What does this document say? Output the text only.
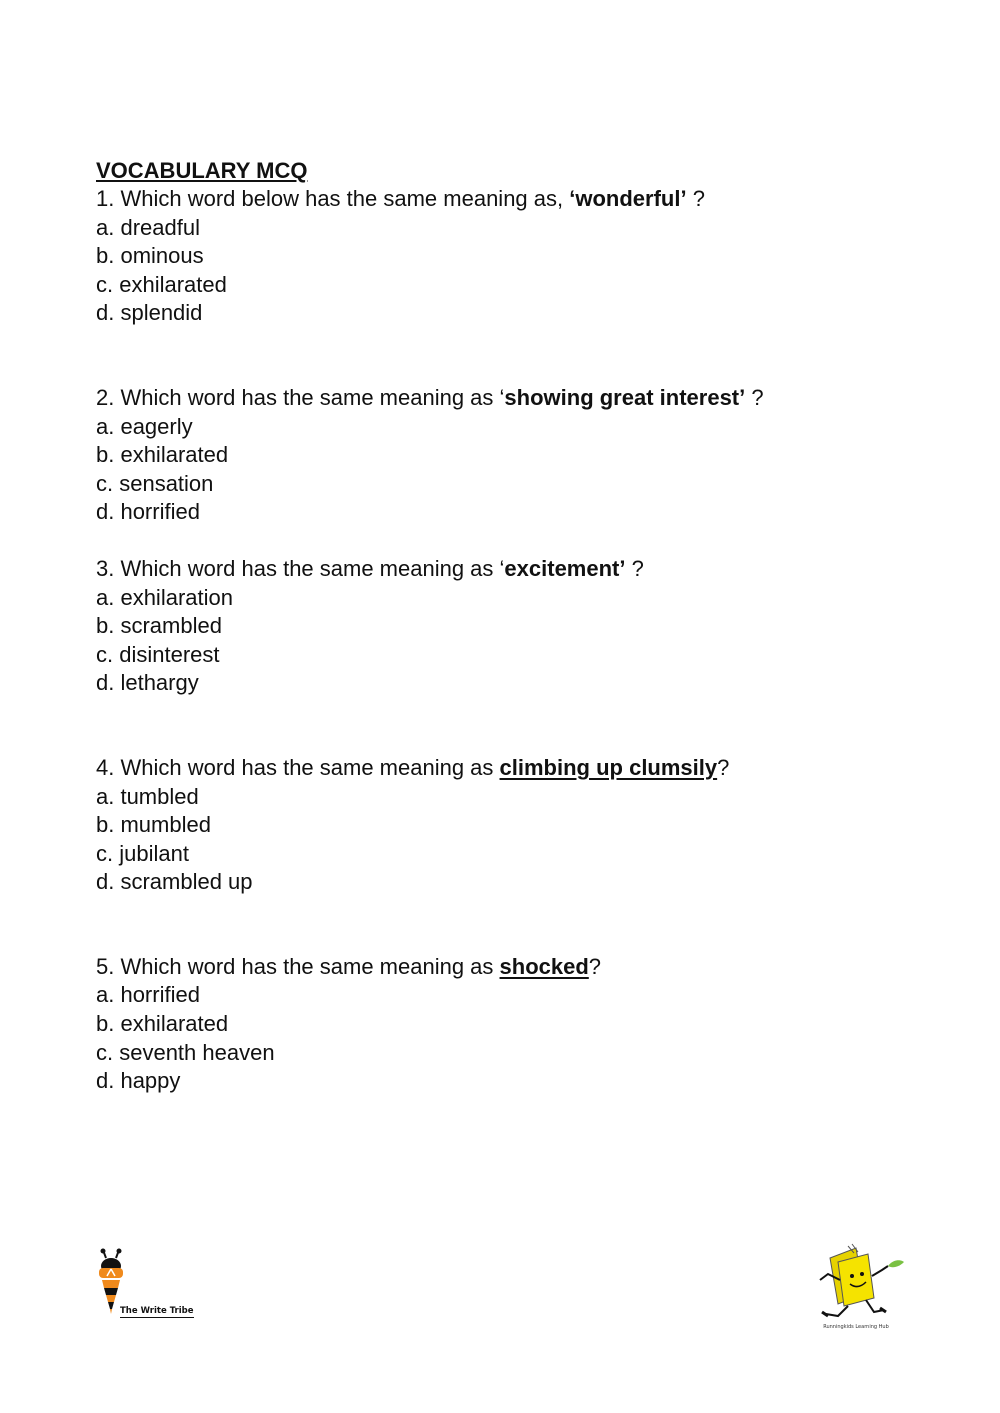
VOCABULARY MCQ

1. Which word below has the same meaning as, ‘wonderful’ ?

a. dreadful

b. ominous

c. exhilarated

d. splendid

2. Which word has the same meaning as ‘showing great interest’ ?

a. eagerly

b. exhilarated

c. sensation

d. horrified

3. Which word has the same meaning as ‘excitement’ ?

a. exhilaration

b. scrambled

c. disinterest

d. lethargy

4. Which word has the same meaning as climbing up clumsily?

a. tumbled

b. mumbled

c. jubilant

d. scrambled up

5. Which word has the same meaning as shocked?

a. horrified

b. exhilarated

c. seventh heaven

d. happy

The Write Tribe
Runningkids Learning Hub
